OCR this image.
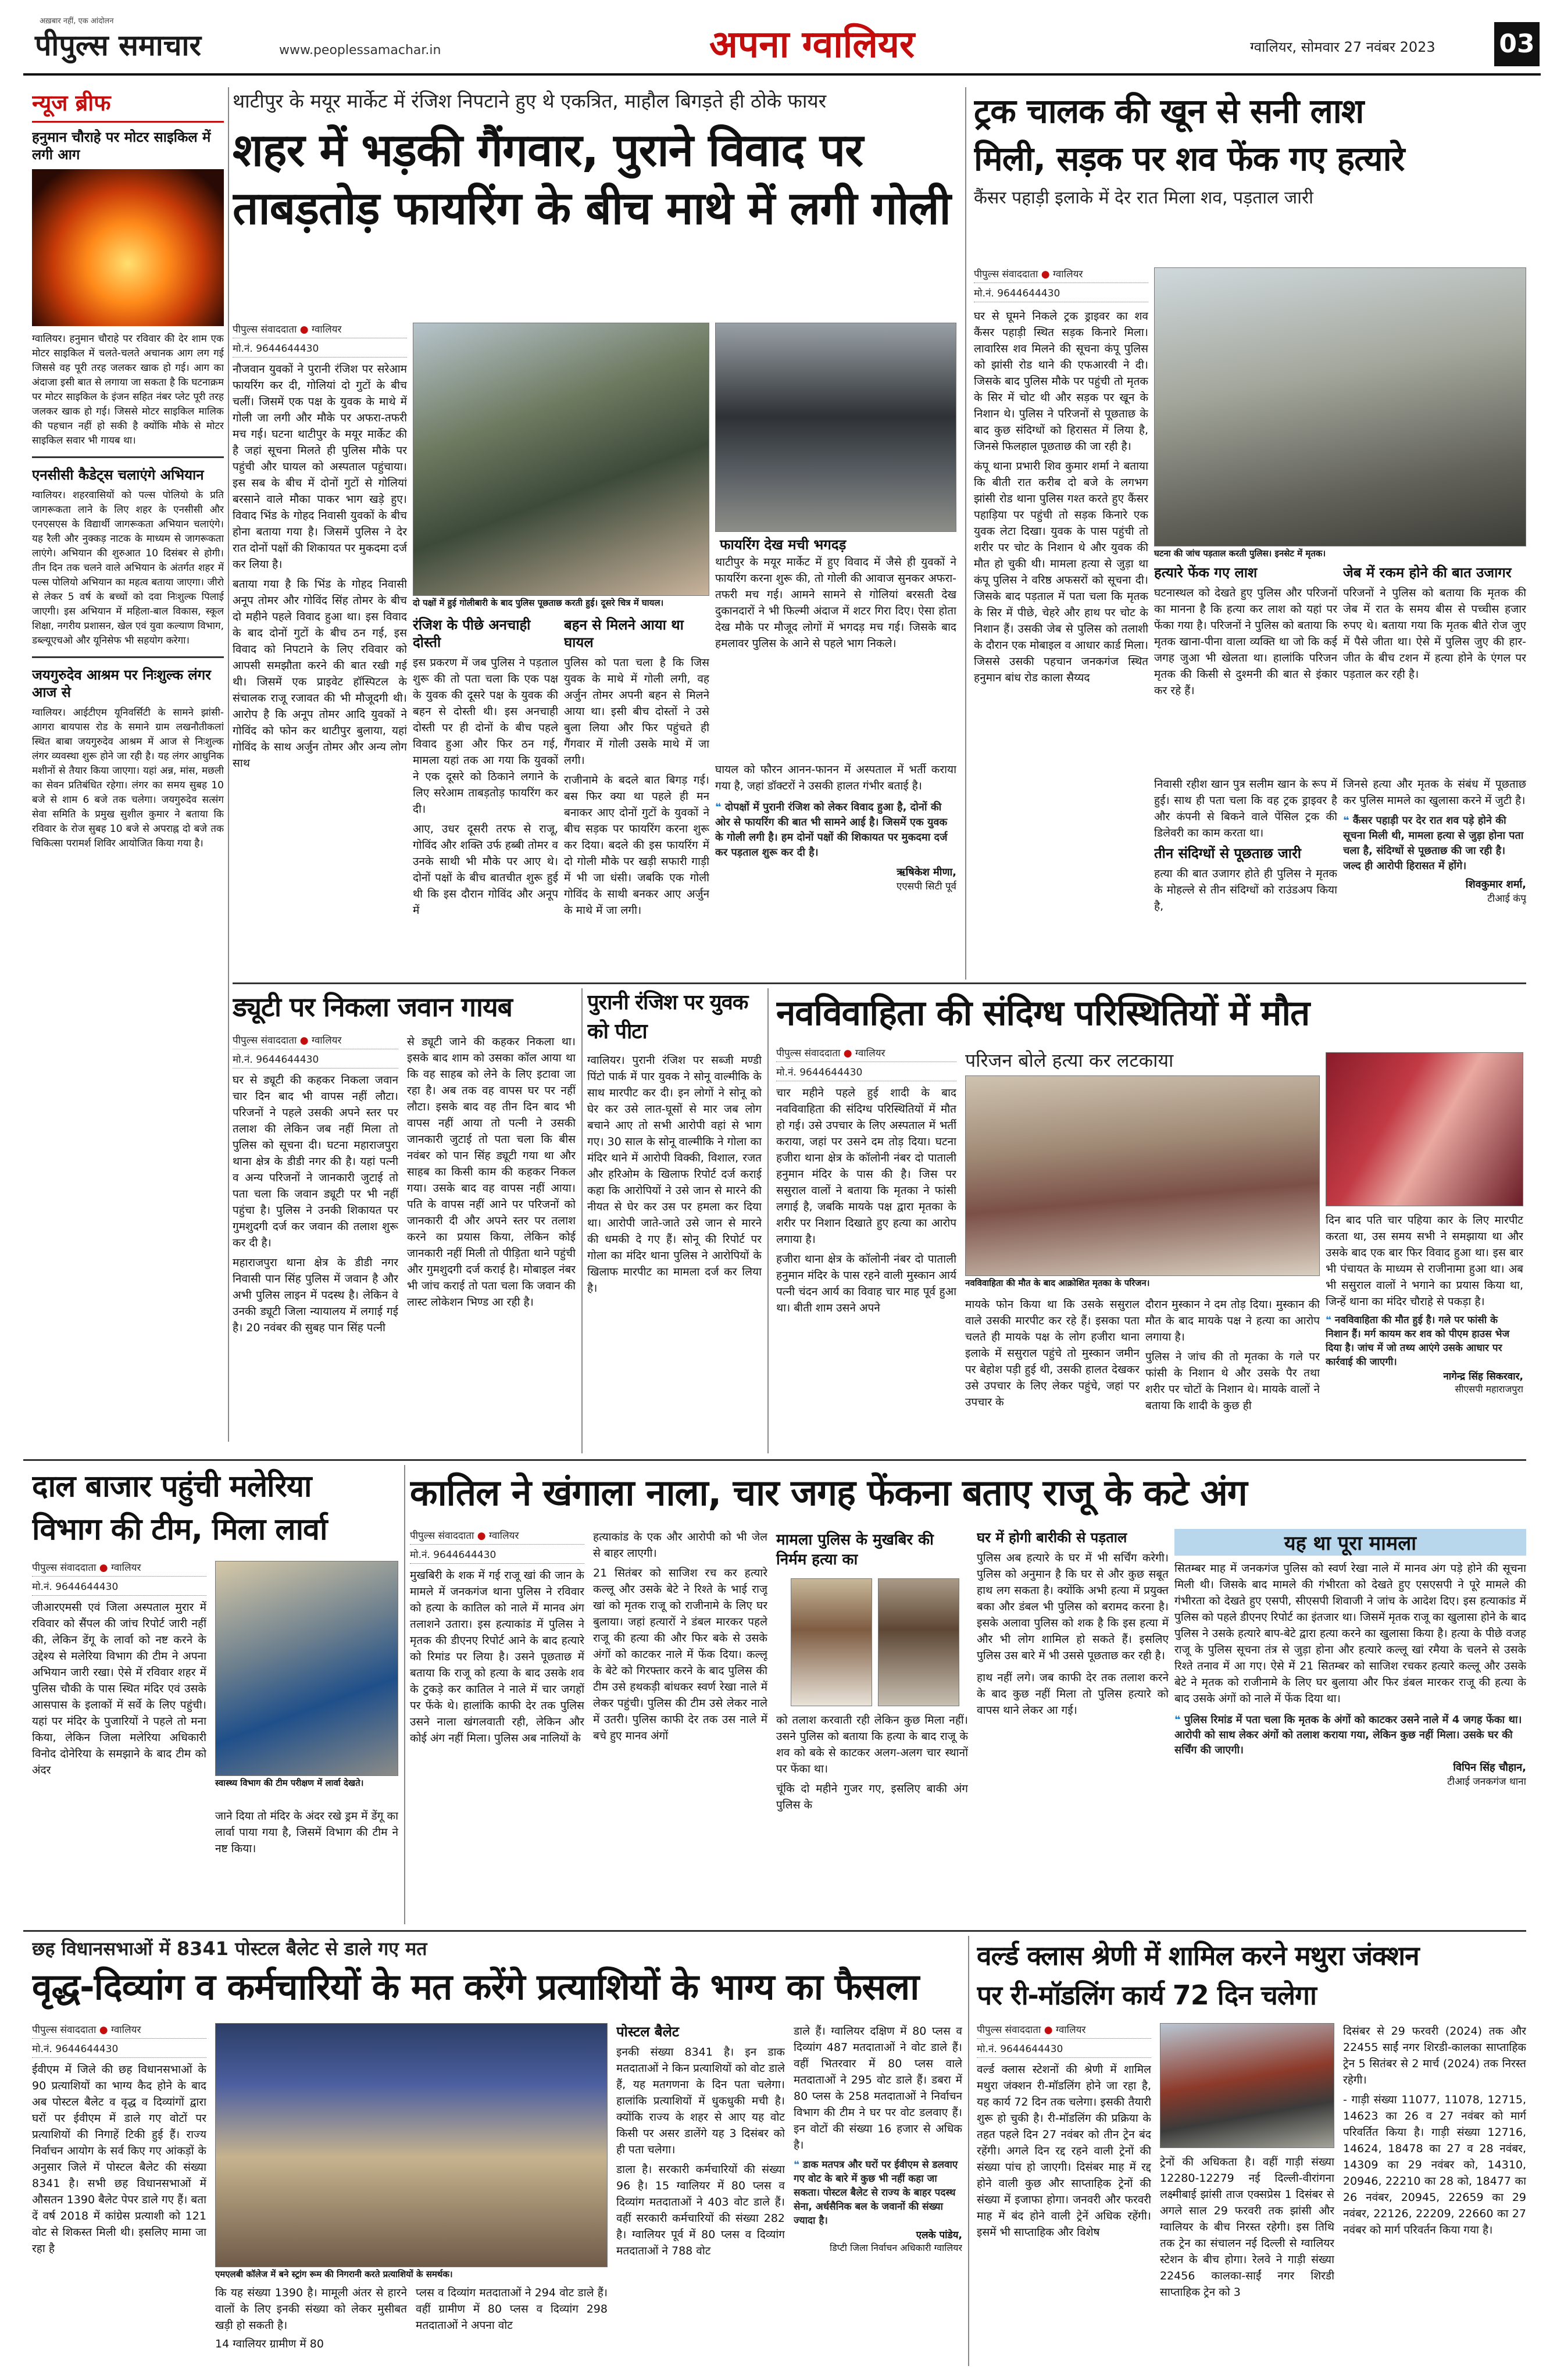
पीपुल्स समाचार
अख़बार नहीं, एक आंदोलन
www.peoplessamachar.in	अपना ग्वालियर	ग्वालियर, सोमवार 27 नवंबर 2023 03
न्यूज ब्रीफ
हनुमान चौराहे पर मोटर साइकिल में लगी आग
ग्वालियर। हनुमान चौराहे पर रविवार की देर शाम एक मोटर साइकिल में चलते-चलते अचानक आग लग गई जिससे वह पूरी तरह जलकर खाक हो गई। आग का अंदाजा इसी बात से लगाया जा सकता है कि घटनाक्रम पर मोटर साइकिल के इंजन सहित नंबर प्लेट पूरी तरह जलकर खाक हो गई। जिससे मोटर साइकिल मालिक की पहचान नहीं हो सकी है क्योंकि मौके से मोटर साइकिल सवार भी गायब था।
एनसीसी कैडेट्स चलाएंगे अभियान
ग्वालियर। शहरवासियों को पल्स पोलियो के प्रति जागरूकता लाने के लिए शहर के एनसीसी और एनएसएस के विद्यार्थी जागरूकता अभियान चलाएंगे। यह रैली और नुक्कड़ नाटक के माध्यम से जागरूकता लाएंगे। अभियान की शुरुआत 10 दिसंबर से होगी। तीन दिन तक चलने वाले अभियान के अंतर्गत शहर में पल्स पोलियो अभियान का महत्व बताया जाएगा। जीरो से लेकर 5 वर्ष के बच्चों को दवा निःशुल्क पिलाई जाएगी। इस अभियान में महिला-बाल विकास, स्कूल शिक्षा, नगरीय प्रशासन, खेल एवं युवा कल्याण विभाग, डब्ल्यूएचओ और यूनिसेफ भी सहयोग करेगा।
जयगुरुदेव आश्रम पर निःशुल्क लंगर आज से
ग्वालियर। आईटीएम यूनिवर्सिटी के सामने झांसी-आगरा बायपास रोड के समाने ग्राम लखनौतीकलां स्थित बाबा जयगुरुदेव आश्रम में आज से निःशुल्क लंगर व्यवस्था शुरू होने जा रही है। यह लंगर आधुनिक मशीनों से तैयार किया जाएगा। यहां अन्न, मांस, मछली का सेवन प्रतिबंधित रहेगा। लंगर का समय सुबह 10 बजे से शाम 6 बजे तक चलेगा। जयगुरुदेव सत्संग सेवा समिति के प्रमुख सुशील कुमार ने बताया कि रविवार के रोज सुबह 10 बजे से अपराह्न दो बजे तक चिकित्सा परामर्श शिविर आयोजित किया गया है।
थाटीपुर के मयूर मार्केट में रंजिश निपटाने हुए थे एकत्रित, माहौल बिगड़ते ही ठोके फायर
शहर में भड़की गैंगवार, पुराने विवाद पर
ताबड़तोड़ फायरिंग के बीच माथे में लगी गोली
पीपुल्स संवाददाता ● ग्वालियर
मो.नं. 9644644430
नौजवान युवकों ने पुरानी रंजिश पर सरेआम फायरिंग कर दी, गोलियां दो गुटों के बीच चलीं। जिसमें एक पक्ष के युवक के माथे में गोली जा लगी और मौके पर अफरा-तफरी मच गई। घटना थाटीपुर के मयूर मार्केट की है जहां सूचना मिलते ही पुलिस मौके पर पहुंची और घायल को अस्पताल पहुंचाया। इस सब के बीच में दोनों गुटों से गोलियां बरसाने वाले मौका पाकर भाग खड़े हुए। विवाद भिंड के गोहद निवासी युवकों के बीच होना बताया गया है। जिसमें पुलिस ने देर रात दोनों पक्षों की शिकायत पर मुकदमा दर्ज कर लिया है।
बताया गया है कि भिंड के गोहद निवासी अनूप तोमर और गोविंद सिंह तोमर के बीच दो महीने पहले विवाद हुआ था। इस विवाद के बाद दोनों गुटों के बीच ठन गई, इस विवाद को निपटाने के लिए रविवार को आपसी समझौता करने की बात रखी गई थी। जिसमें एक प्राइवेट हॉस्पिटल के संचालक राजू रजावत की भी मौजूदगी थी। आरोप है कि अनूप तोमर आदि युवकों ने गोविंद को फोन कर थाटीपुर बुलाया, यहां गोविंद के साथ अर्जुन तोमर और अन्य लोग साथ
दो पक्षों में हुई गोलीबारी के बाद पुलिस पूछताछ करती हुई। दूसरे चित्र में घायल।
फायरिंग देख मची भगदड़
थाटीपुर के मयूर मार्केट में हुए विवाद में जैसे ही युवकों ने फायरिंग करना शुरू की, तो गोली की आवाज सुनकर अफरा-तफरी मच गई। आमने सामने से गोलियां बरसती देख दुकानदारों ने भी फिल्मी अंदाज में शटर गिरा दिए। ऐसा होता देख मौके पर मौजूद लोगों में भगदड़ मच गई। जिसके बाद हमलावर पुलिस के आने से पहले भाग निकले।
रंजिश के पीछे अनचाही दोस्ती
इस प्रकरण में जब पुलिस ने पड़ताल शुरू की तो पता चला कि एक पक्ष के युवक की दूसरे पक्ष के युवक की बहन से दोस्ती थी। इस अनचाही दोस्ती पर ही दोनों के बीच पहले विवाद हुआ और फिर ठन गई, मामला यहां तक आ गया कि युवकों ने एक दूसरे को ठिकाने लगाने के लिए सरेआम ताबड़तोड़ फायरिंग कर दी।
आए, उधर दूसरी तरफ से राजू, गोविंद और शक्ति उर्फ हब्बी तोमर व उनके साथी भी मौके पर आए थे। दोनों पक्षों के बीच बातचीत शुरू हुई थी कि इस दौरान गोविंद और अनूप में
बहन से मिलने आया था घायल
पुलिस को पता चला है कि जिस युवक के माथे में गोली लगी, वह अर्जुन तोमर अपनी बहन से मिलने आया था। इसी बीच दोस्तों ने उसे बुला लिया और फिर पहुंचते ही गैंगवार में गोली उसके माथे में जा लगी।
राजीनामे के बदले बात बिगड़ गई। बस फिर क्या था पहले ही मन बनाकर आए दोनों गुटों के युवकों ने बीच सड़क पर फायरिंग करना शुरू कर दिया। बदले की इस फायरिंग में दो गोली मौके पर खड़ी सफारी गाड़ी में भी जा धंसी। जबकि एक गोली गोविंद के साथी बनकर आए अर्जुन के माथे में जा लगी।
घायल को फौरन आनन-फानन में अस्पताल में भर्ती कराया गया है, जहां डॉक्टरों ने उसकी हालत गंभीर बताई है।
❝ दोपक्षों में पुरानी रंजिश को लेकर विवाद हुआ है, दोनों की ओर से फायरिंग की बात भी सामने आई है। जिसमें एक युवक के गोली लगी है। हम दोनों पक्षों की शिकायत पर मुकदमा दर्ज कर पड़ताल शुरू कर दी है।
ऋषिकेश मीणा,
एएसपी सिटी पूर्व
ट्रक चालक की खून से सनी लाश
मिली, सड़क पर शव फेंक गए हत्यारे
कैंसर पहाड़ी इलाके में देर रात मिला शव, पड़ताल जारी
पीपुल्स संवाददाता ● ग्वालियर
मो.नं. 9644644430
घर से घूमने निकले ट्रक ड्राइवर का शव कैंसर पहाड़ी स्थित सड़क किनारे मिला। लावारिस शव मिलने की सूचना कंपू पुलिस को झांसी रोड थाने की एफआरवी ने दी। जिसके बाद पुलिस मौके पर पहुंची तो मृतक के सिर में चोट थी और सड़क पर खून के निशान थे। पुलिस ने परिजनों से पूछताछ के बाद कुछ संदिग्धों को हिरासत में लिया है, जिनसे फिलहाल पूछताछ की जा रही है।
कंपू थाना प्रभारी शिव कुमार शर्मा ने बताया कि बीती रात करीब दो बजे के लगभग झांसी रोड थाना पुलिस गश्त करते हुए कैंसर पहाड़िया पर पहुंची तो सड़क किनारे एक युवक लेटा दिखा। युवक के पास पहुंची तो शरीर पर चोट के निशान थे और युवक की मौत हो चुकी थी। मामला हत्या से जुड़ा था कंपू पुलिस ने वरिष्ठ अफसरों को सूचना दी। जिसके बाद पड़ताल में पता चला कि मृतक के सिर में पीछे, चेहरे और हाथ पर चोट के निशान हैं। उसकी जेब से पुलिस को तलाशी के दौरान एक मोबाइल व आधार कार्ड मिला। जिससे उसकी पहचान जनकगंज स्थित हनुमान बांध रोड काला सैय्यद
घटना की जांच पड़ताल करती पुलिस। इनसेट में मृतक।
हत्यारे फेंक गए लाश
घटनास्थल को देखते हुए पुलिस और परिजनों का मानना है कि हत्या कर लाश को यहां पर फेंका गया है। परिजनों ने पुलिस को बताया कि मृतक खाना-पीना वाला व्यक्ति था जो कि कई जगह जुआ भी खेलता था। हालांकि परिजन मृतक की किसी से दुश्मनी की बात से इंकार कर रहे हैं।
जेब में रकम होने की बात उजागर
परिजनों ने पुलिस को बताया कि मृतक की जेब में रात के समय बीस से पच्चीस हजार रुपए थे। बताया गया कि मृतक बीते रोज जुए में पैसे जीता था। ऐसे में पुलिस जुए की हार-जीत के बीच टशन में हत्या होने के एंगल पर पड़ताल कर रही है।
निवासी रहीश खान पुत्र सलीम खान के रूप में हुई। साथ ही पता चला कि वह ट्रक ड्राइवर है और कंपनी से बिकने वाले पेंसिल ट्रक की डिलेवरी का काम करता था।
तीन संदिग्धों से पूछताछ जारी
हत्या की बात उजागर होते ही पुलिस ने मृतक के मोहल्ले से तीन संदिग्धों को राउंडअप किया है,
जिनसे हत्या और मृतक के संबंध में पूछताछ कर पुलिस मामले का खुलासा करने में जुटी है।
❝ कैंसर पहाड़ी पर देर रात शव पड़े होने की सूचना मिली थी, मामला हत्या से जुड़ा होना पता चला है, संदिग्धों से पूछताछ की जा रही है। जल्द ही आरोपी हिरासत में होंगे।
शिवकुमार शर्मा,
टीआई कंपू
ड्यूटी पर निकला जवान गायब
पीपुल्स संवाददाता ● ग्वालियर
मो.नं. 9644644430
घर से ड्यूटी की कहकर निकला जवान चार दिन बाद भी वापस नहीं लौटा। परिजनों ने पहले उसकी अपने स्तर पर तलाश की लेकिन जब नहीं मिला तो पुलिस को सूचना दी। घटना महाराजपुरा थाना क्षेत्र के डीडी नगर की है। यहां पत्नी व अन्य परिजनों ने जानकारी जुटाई तो पता चला कि जवान ड्यूटी पर भी नहीं पहुंचा है। पुलिस ने उनकी शिकायत पर गुमशुदगी दर्ज कर जवान की तलाश शुरू कर दी है।
महाराजपुरा थाना क्षेत्र के डीडी नगर निवासी पान सिंह पुलिस में जवान है और अभी पुलिस लाइन में पदस्थ है। लेकिन वे उनकी ड्यूटी जिला न्यायालय में लगाई गई है। 20 नवंबर की सुबह पान सिंह पत्नी
से ड्यूटी जाने की कहकर निकला था। इसके बाद शाम को उसका कॉल आया था कि वह साहब को लेने के लिए इटावा जा रहा है। अब तक वह वापस घर पर नहीं लौटा। इसके बाद वह तीन दिन बाद भी वापस नहीं आया तो पत्नी ने उसकी जानकारी जुटाई तो पता चला कि बीस नवंबर को पान सिंह ड्यूटी गया था और साहब का किसी काम की कहकर निकल गया। उसके बाद वह वापस नहीं आया। पति के वापस नहीं आने पर परिजनों को जानकारी दी और अपने स्तर पर तलाश करने का प्रयास किया, लेकिन कोई जानकारी नहीं मिली तो पीड़िता थाने पहुंची और गुमशुदगी दर्ज कराई है। मोबाइल नंबर भी जांच कराई तो पता चला कि जवान की लास्ट लोकेशन भिण्ड आ रही है।
पुरानी रंजिश पर युवक को पीटा
ग्वालियर। पुरानी रंजिश पर सब्जी मण्डी पिंटो पार्क में पार युवक ने सोनू वाल्मीकि के साथ मारपीट कर दी। इन लोगों ने सोनू को घेर कर उसे लात-घूसों से मार जब लोग बचाने आए तो सभी आरोपी वहां से भाग गए। 30 साल के सोनू वाल्मीकि ने गोला का मंदिर थाने में आरोपी विक्की, विशाल, रजत और हरिओम के खिलाफ रिपोर्ट दर्ज कराई कहा कि आरोपियों ने उसे जान से मारने की नीयत से घेर कर उस पर हमला कर दिया था। आरोपी जाते-जाते उसे जान से मारने की धमकी दे गए हैं। सोनू की रिपोर्ट पर गोला का मंदिर थाना पुलिस ने आरोपियों के खिलाफ मारपीट का मामला दर्ज कर लिया है।
नवविवाहिता की संदिग्ध परिस्थितियों में मौत
पीपुल्स संवाददाता ● ग्वालियर
मो.नं. 9644644430
चार महीने पहले हुई शादी के बाद नवविवाहिता की संदिग्ध परिस्थितियों में मौत हो गई। उसे उपचार के लिए अस्पताल में भर्ती कराया, जहां पर उसने दम तोड़ दिया। घटना हजीरा थाना क्षेत्र के कॉलोनी नंबर दो पाताली हनुमान मंदिर के पास की है। जिस पर ससुराल वालों ने बताया कि मृतका ने फांसी लगाई है, जबकि मायके पक्ष द्वारा मृतका के शरीर पर निशान दिखाते हुए हत्या का आरोप लगाया है।
हजीरा थाना क्षेत्र के कॉलोनी नंबर दो पाताली हनुमान मंदिर के पास रहने वाली मुस्कान आर्य पत्नी चंदन आर्य का विवाह चार माह पूर्व हुआ था। बीती शाम उसने अपने
परिजन बोले हत्या कर लटकाया
नवविवाहिता की मौत के बाद आक्रोशित मृतका के परिजन।
मायके फोन किया था कि उसके ससुराल वाले उसकी मारपीट कर रहे हैं। इसका पता चलते ही मायके पक्ष के लोग हजीरा थाना इलाके में ससुराल पहुंचे तो मुस्कान जमीन पर बेहोश पड़ी हुई थी, उसकी हालत देखकर उसे उपचार के लिए लेकर पहुंचे, जहां पर उपचार के
दौरान मुस्कान ने दम तोड़ दिया। मुस्कान की मौत के बाद मायके पक्ष ने हत्या का आरोप लगाया है।
पुलिस ने जांच की तो मृतका के गले पर फांसी के निशान थे और उसके पैर तथा शरीर पर चोटों के निशान थे। मायके वालों ने बताया कि शादी के कुछ ही
दिन बाद पति चार पहिया कार के लिए मारपीट करता था, उस समय सभी ने समझाया था और उसके बाद एक बार फिर विवाद हुआ था। इस बार भी पंचायत के माध्यम से राजीनामा हुआ था। अब भी ससुराल वालों ने भगाने का प्रयास किया था, जिन्हें थाना का मंदिर चौराहे से पकड़ा है।
❝ नवविवाहिता की मौत हुई है। गले पर फांसी के निशान हैं। मर्ग कायम कर शव को पीएम हाउस भेज दिया है। जांच में जो तथ्य आएंगे उसके आधार पर कार्रवाई की जाएगी।
नागेन्द्र सिंह सिकरवार,
सीएसपी महाराजपुरा
दाल बाजार पहुंची मलेरिया
विभाग की टीम, मिला लार्वा
पीपुल्स संवाददाता ● ग्वालियर
मो.नं. 9644644430
जीआरएमसी एवं जिला अस्पताल मुरार में रविवार को सैंपल की जांच रिपोर्ट जारी नहीं की, लेकिन डेंगू के लार्वा को नष्ट करने के उद्देश्य से मलेरिया विभाग की टीम ने अपना अभियान जारी रखा। ऐसे में रविवार शहर में पुलिस चौकी के पास स्थित मंदिर एवं उसके आसपास के इलाकों में सर्वे के लिए पहुंची। यहां पर मंदिर के पुजारियों ने पहले तो मना किया, लेकिन जिला मलेरिया अधिकारी विनोद दोनेरिया के समझाने के बाद टीम को अंदर
स्वास्थ्य विभाग की टीम परीक्षण में लार्वा देखते।
जाने दिया तो मंदिर के अंदर रखे ड्रम में डेंगू का लार्वा पाया गया है, जिसमें विभाग की टीम ने नष्ट किया।
कातिल ने खंगाला नाला, चार जगह फेंकना बताए राजू के कटे अंग
पीपुल्स संवाददाता ● ग्वालियर
मो.नं. 9644644430
मुखबिरी के शक में गई राजू खां की जान के मामले में जनकगंज थाना पुलिस ने रविवार को हत्या के कातिल को नाले में मानव अंग तलाशने उतारा। इस हत्याकांड में पुलिस ने मृतक की डीएनए रिपोर्ट आने के बाद हत्यारे को रिमांड पर लिया है। उसने पूछताछ में बताया कि राजू को हत्या के बाद उसके शव के टुकड़े कर कातिल ने नाले में चार जगहों पर फेंके थे। हालांकि काफी देर तक पुलिस उसने नाला खंगलवाती रही, लेकिन और कोई अंग नहीं मिला। पुलिस अब नालियों के
हत्याकांड के एक और आरोपी को भी जेल से बाहर लाएगी।
21 सितंबर को साजिश रच कर हत्यारे कल्लू और उसके बेटे ने रिश्ते के भाई राजू खां को मृतक राजू को राजीनामे के लिए घर बुलाया। जहां हत्यारों ने डंबल मारकर पहले राजू की हत्या की और फिर बके से उसके अंगों को काटकर नाले में फेंक दिया। कल्लू के बेटे को गिरफ्तार करने के बाद पुलिस की टीम उसे हथकड़ी बांधकर स्वर्ण रेखा नाले में लेकर पहुंची। पुलिस की टीम उसे लेकर नाले में उतरी। पुलिस काफी देर तक उस नाले में बचे हुए मानव अंगों
मामला पुलिस के मुखबिर की निर्मम हत्या का
को तलाश करवाती रही लेकिन कुछ मिला नहीं। उसने पुलिस को बताया कि हत्या के बाद राजू के शव को बके से काटकर अलग-अलग चार स्थानों पर फेंका था।
चूंकि दो महीने गुजर गए, इसलिए बाकी अंग पुलिस के
घर में होगी बारीकी से पड़ताल
पुलिस अब हत्यारे के घर में भी सर्चिंग करेगी। पुलिस को अनुमान है कि घर से और कुछ सबूत हाथ लग सकता है। क्योंकि अभी हत्या में प्रयुक्त बका और डंबल भी पुलिस को बरामद करना है। इसके अलावा पुलिस को शक है कि इस हत्या में और भी लोग शामिल हो सकते हैं। इसलिए पुलिस उस बारे में भी उससे पूछताछ कर रही है।
हाथ नहीं लगे। जब काफी देर तक तलाश करने के बाद कुछ नहीं मिला तो पुलिस हत्यारे को वापस थाने लेकर आ गई।
यह था पूरा मामला
सितम्बर माह में जनकगंज पुलिस को स्वर्ण रेखा नाले में मानव अंग पड़े होने की सूचना मिली थी। जिसके बाद मामले की गंभीरता को देखते हुए एसएसपी ने पूरे मामले की गंभीरता को देखते हुए एसपी, सीएसपी शिवाजी ने जांच के आदेश दिए। इस हत्याकांड में पुलिस को पहले डीएनए रिपोर्ट का इंतजार था। जिसमें मृतक राजू का खुलासा होने के बाद पुलिस ने उसके हत्यारे बाप-बेटे द्वारा हत्या करने का खुलासा किया है। हत्या के पीछे वजह राजू के पुलिस सूचना तंत्र से जुड़ा होना और हत्यारे कल्लू खां रमैया के चलने से उसके रिश्ते तनाव में आ गए। ऐसे में 21 सितम्बर को साजिश रचकर हत्यारे कल्लू और उसके बेटे ने मृतक को राजीनामे के लिए घर बुलाया और फिर डंबल मारकर राजू की हत्या के बाद उसके अंगों को नाले में फेंक दिया था।
❝ पुलिस रिमांड में पता चला कि मृतक के अंगों को काटकर उसने नाले में 4 जगह फेंका था। आरोपी को साथ लेकर अंगों को तलाश कराया गया, लेकिन कुछ नहीं मिला। उसके घर की सर्चिंग की जाएगी।
विपिन सिंह चौहान,
टीआई जनकगंज थाना
छह विधानसभाओं में 8341 पोस्टल बैलेट से डाले गए मत
वृद्ध-दिव्यांग व कर्मचारियों के मत करेंगे प्रत्याशियों के भाग्य का फैसला
पीपुल्स संवाददाता ● ग्वालियर
मो.नं. 9644644430
ईवीएम में जिले की छह विधानसभाओं के 90 प्रत्याशियों का भाग्य कैद होने के बाद अब पोस्टल बैलेट व वृद्ध व दिव्यांगों द्वारा घरों पर ईवीएम में डाले गए वोटों पर प्रत्याशियों की निगाहें टिकी हुई हैं। राज्य निर्वाचन आयोग के सर्व किए गए आंकड़ों के अनुसार जिले में पोस्टल बैलेट की संख्या 8341 है। सभी छह विधानसभाओं में औसतन 1390 बैलेट पेपर डाले गए हैं। बता दें वर्ष 2018 में कांग्रेस प्रत्याशी को 121 वोट से शिकस्त मिली थी। इसलिए मामा जा रहा है
एमएलबी कॉलेज में बने स्ट्रांग रूम की निगरानी करते प्रत्याशियों के समर्थक।
कि यह संख्या 1390 है। मामूली अंतर से हारने वालों के लिए इनकी संख्या को लेकर मुसीबत खड़ी हो सकती है।
14 ग्वालियर ग्रामीण में 80
प्लस व दिव्यांग मतदाताओं ने 294 वोट डाले हैं। वहीं ग्रामीण में 80 प्लस व दिव्यांग 298 मतदाताओं ने अपना वोट
पोस्टल बैलेट
इनकी संख्या 8341 है। इन डाक मतदाताओं ने किन प्रत्याशियों को वोट डाले हैं, यह मतगणना के दिन पता चलेगा। हालांकि प्रत्याशियों में धुकधुकी मची है। क्योंकि राज्य के शहर से आए यह वोट किसी पर असर डालेंगे यह 3 दिसंबर को ही पता चलेगा।
डाला है। सरकारी कर्मचारियों की संख्या 96 है। 15 ग्वालियर में 80 प्लस व दिव्यांग मतदाताओं ने 403 वोट डाले हैं। वहीं सरकारी कर्मचारियों की संख्या 282 है। ग्वालियर पूर्व में 80 प्लस व दिव्यांग मतदाताओं ने 788 वोट
डाले हैं। ग्वालियर दक्षिण में 80 प्लस व दिव्यांग 487 मतदाताओं ने वोट डाले हैं। वहीं भितरवार में 80 प्लस वाले मतदाताओं ने 295 वोट डाले हैं। डबरा में 80 प्लस के 258 मतदाताओं ने निर्वाचन विभाग की टीम ने घर पर वोट डलवाए हैं। इन वोटों की संख्या 16 हजार से अधिक है।
❝ डाक मतपत्र और घरों पर ईवीएम से डलवाए गए वोट के बारे में कुछ भी नहीं कहा जा सकता। पोस्टल बैलेट से राज्य के बाहर पदस्थ सेना, अर्धसैनिक बल के जवानों की संख्या ज्यादा है।
एलके पांडेय,
डिप्टी जिला निर्वाचन अधिकारी ग्वालियर
वर्ल्ड क्लास श्रेणी में शामिल करने मथुरा जंक्शन
पर री-मॉडलिंग कार्य 72 दिन चलेगा
पीपुल्स संवाददाता ● ग्वालियर
मो.नं. 9644644430
वर्ल्ड क्लास स्टेशनों की श्रेणी में शामिल मथुरा जंक्शन री-मॉडलिंग होने जा रहा है, यह कार्य 72 दिन तक चलेगा। इसकी तैयारी शुरू हो चुकी है। री-मॉडलिंग की प्रक्रिया के तहत पहले दिन 27 नवंबर को तीन ट्रेन बंद रहेंगी। अगले दिन रद्द रहने वाली ट्रेनों की संख्या पांच हो जाएगी। दिसंबर माह में रद्द होने वाली कुछ और साप्ताहिक ट्रेनों की संख्या में इजाफा होगा। जनवरी और फरवरी माह में बंद होने वाली ट्रेनें अधिक रहेंगी। इसमें भी साप्ताहिक और विशेष
ट्रेनों की अधिकता है। वहीं गाड़ी संख्या 12280-12279 नई दिल्ली-वीरांगना लक्ष्मीबाई झांसी ताज एक्सप्रेस 1 दिसंबर से अगले साल 29 फरवरी तक झांसी और ग्वालियर के बीच निरस्त रहेगी। इस तिथि तक ट्रेन का संचालन नई दिल्ली से ग्वालियर स्टेशन के बीच होगा। रेलवे ने गाड़ी संख्या 22456 कालका-साईं नगर शिरडी साप्ताहिक ट्रेन को 3
दिसंबर से 29 फरवरी (2024) तक और 22455 साईं नगर शिरडी-कालका साप्ताहिक ट्रेन 5 सितंबर से 2 मार्च (2024) तक निरस्त रहेगी।
- गाड़ी संख्या 11077, 11078, 12715, 14623 का 26 व 27 नवंबर को मार्ग परिवर्तित किया है। गाड़ी संख्या 12716, 14624, 18478 का 27 व 28 नवंबर, 14309 का 29 नवंबर को, 14310, 20946, 22210 का 28 को, 18477 का 26 नवंबर, 20945, 22659 का 29 नवंबर, 22126, 22209, 22660 का 27 नवंबर को मार्ग परिवर्तन किया गया है।
